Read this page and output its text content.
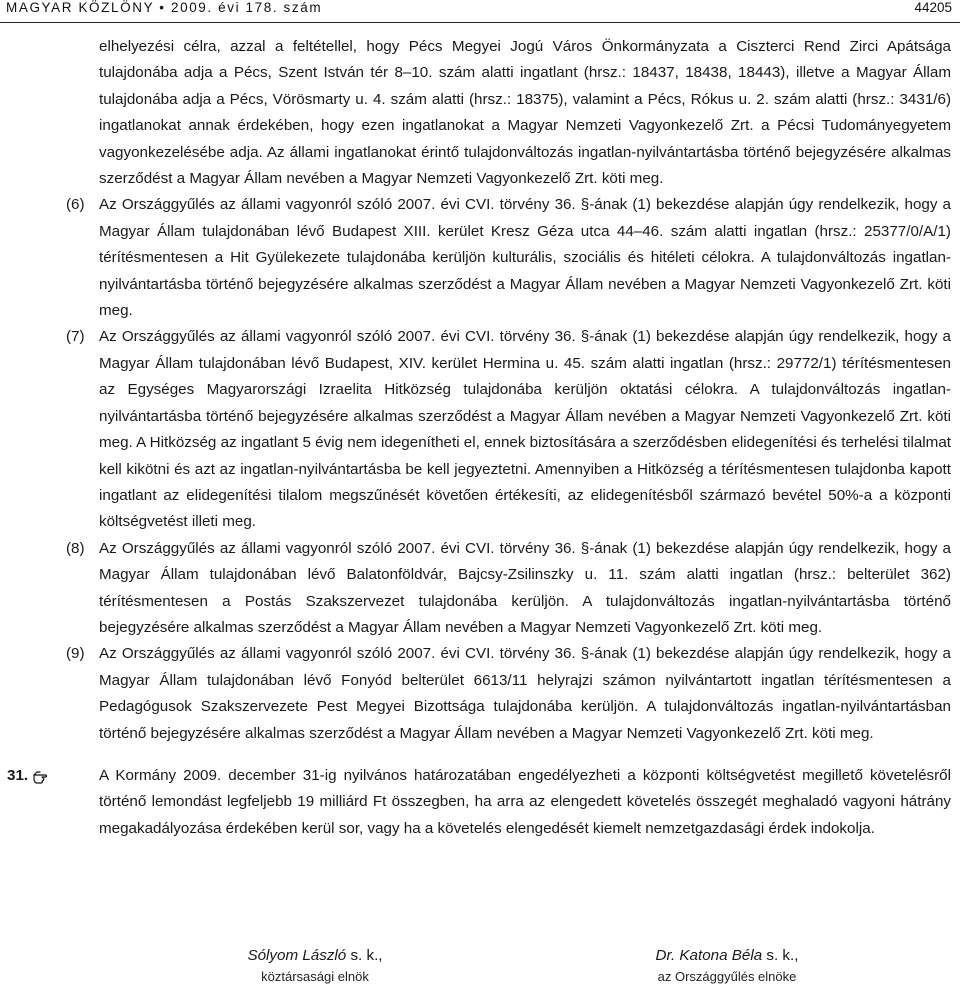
MAGYAR KÖZLÖNY • 2009. évi 178. szám	44205
elhelyezési célra, azzal a feltétellel, hogy Pécs Megyei Jogú Város Önkormányzata a Ciszterci Rend Zirci Apátsága tulajdonába adja a Pécs, Szent István tér 8–10. szám alatti ingatlant (hrsz.: 18437, 18438, 18443), illetve a Magyar Állam tulajdonába adja a Pécs, Vörösmarty u. 4. szám alatti (hrsz.: 18375), valamint a Pécs, Rókus u. 2. szám alatti (hrsz.: 3431/6) ingatlanokat annak érdekében, hogy ezen ingatlanokat a Magyar Nemzeti Vagyonkezelő Zrt. a Pécsi Tudományegyetem vagyonkezelésébe adja. Az állami ingatlanokat érintő tulajdonváltozás ingatlan-nyilvántartásba történő bejegyzésére alkalmas szerződést a Magyar Állam nevében a Magyar Nemzeti Vagyonkezelő Zrt. köti meg.
(6) Az Országgyűlés az állami vagyonról szóló 2007. évi CVI. törvény 36. §-ának (1) bekezdése alapján úgy rendelkezik, hogy a Magyar Állam tulajdonában lévő Budapest XIII. kerület Kresz Géza utca 44–46. szám alatti ingatlan (hrsz.: 25377/0/A/1) térítésmentesen a Hit Gyülekezete tulajdonába kerüljön kulturális, szociális és hitéleti célokra. A tulajdonváltozás ingatlan-nyilvántartásba történő bejegyzésére alkalmas szerződést a Magyar Állam nevében a Magyar Nemzeti Vagyonkezelő Zrt. köti meg.
(7) Az Országgyűlés az állami vagyonról szóló 2007. évi CVI. törvény 36. §-ának (1) bekezdése alapján úgy rendelkezik, hogy a Magyar Állam tulajdonában lévő Budapest, XIV. kerület Hermina u. 45. szám alatti ingatlan (hrsz.: 29772/1) térítésmentesen az Egységes Magyarországi Izraelita Hitközség tulajdonába kerüljön oktatási célokra. A tulajdonváltozás ingatlan-nyilvántartásba történő bejegyzésére alkalmas szerződést a Magyar Állam nevében a Magyar Nemzeti Vagyonkezelő Zrt. köti meg. A Hitközség az ingatlant 5 évig nem idegenítheti el, ennek biztosítására a szerződésben elidegenítési és terhelési tilalmat kell kikötni és azt az ingatlan-nyilvántartásba be kell jegyeztetni. Amennyiben a Hitközség a térítésmentesen tulajdonba kapott ingatlant az elidegenítési tilalom megszűnését követően értékesíti, az elidegenítésből származó bevétel 50%-a a központi költségvetést illeti meg.
(8) Az Országgyűlés az állami vagyonról szóló 2007. évi CVI. törvény 36. §-ának (1) bekezdése alapján úgy rendelkezik, hogy a Magyar Állam tulajdonában lévő Balatonföldvár, Bajcsy-Zsilinszky u. 11. szám alatti ingatlan (hrsz.: belterület 362) térítésmentesen a Postás Szakszervezet tulajdonába kerüljön. A tulajdonváltozás ingatlan-nyilvántartásba történő bejegyzésére alkalmas szerződést a Magyar Állam nevében a Magyar Nemzeti Vagyonkezelő Zrt. köti meg.
(9) Az Országgyűlés az állami vagyonról szóló 2007. évi CVI. törvény 36. §-ának (1) bekezdése alapján úgy rendelkezik, hogy a Magyar Állam tulajdonában lévő Fonyód belterület 6613/11 helyrajzi számon nyilvántartott ingatlan térítésmentesen a Pedagógusok Szakszervezete Pest Megyei Bizottsága tulajdonába kerüljön. A tulajdonváltozás ingatlan-nyilvántartásban történő bejegyzésére alkalmas szerződést a Magyar Állam nevében a Magyar Nemzeti Vagyonkezelő Zrt. köti meg.
31.	A Kormány 2009. december 31-ig nyilvános határozatában engedélyezheti a központi költségvetést megillető követelésről történő lemondást legfeljebb 19 milliárd Ft összegben, ha arra az elengedett követelés összegét meghaladó vagyoni hátrány megakadályozása érdekében kerül sor, vagy ha a követelés elengedését kiemelt nemzetgazdasági érdek indokolja.
Sólyom László s. k.,
köztársasági elnök
Dr. Katona Béla s. k.,
az Országgyűlés elnöke
